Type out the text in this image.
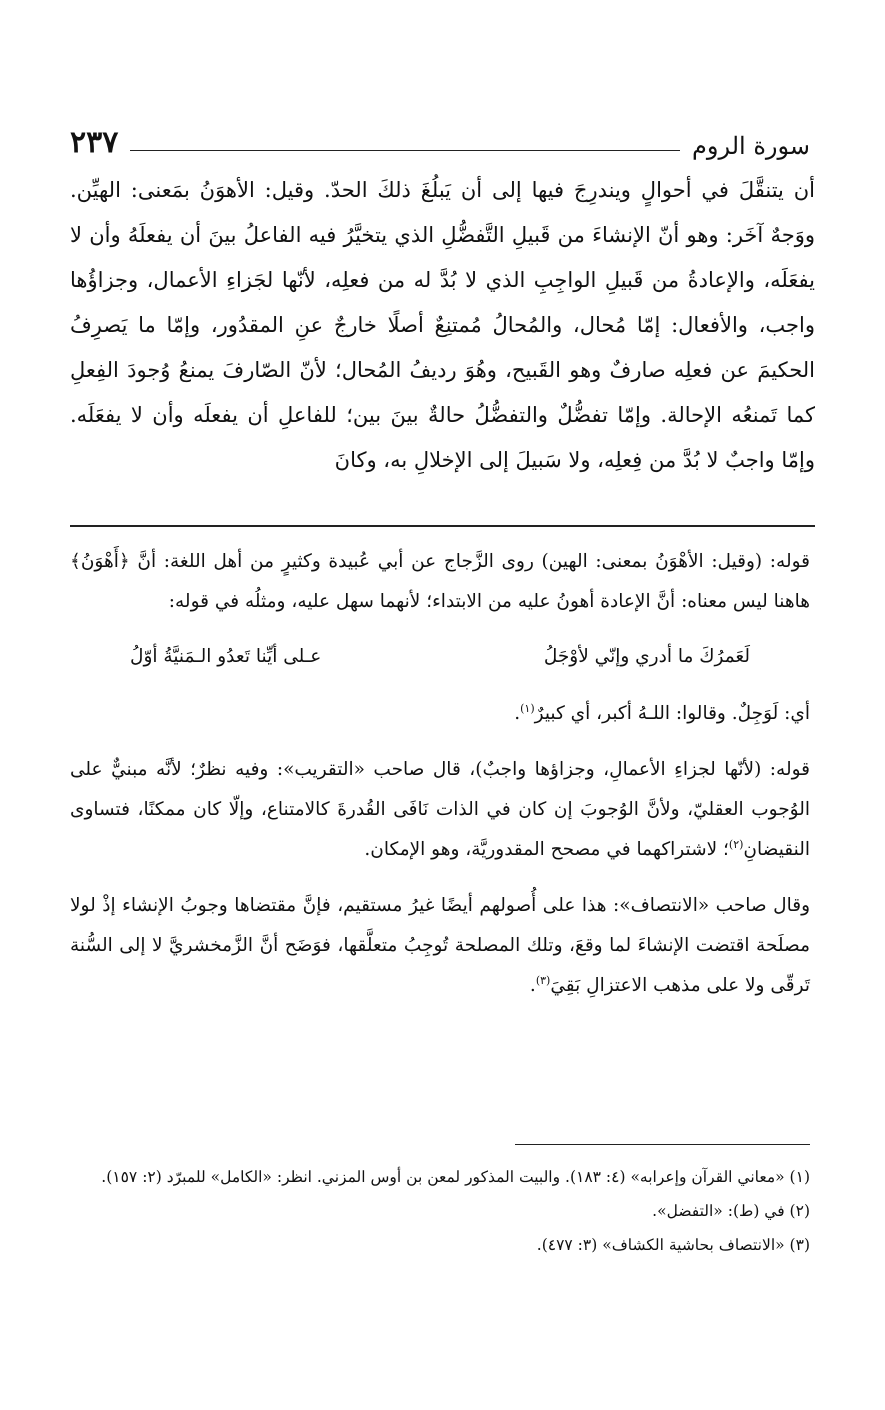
سورة الروم
٢٣٧

أن يتنقَّلَ في أحوالٍ ويندرِجَ فيها إلى أن يَبلُغَ ذلكَ الحدّ. وقيل: الأهوَنُ بمَعنى: الهيِّن. ووَجهٌ آخَر: وهو أنّ الإنشاءَ من قَبيلِ التَّفضُّلِ الذي يتخيَّرُ فيه الفاعلُ بينَ أن يفعلَهُ وأن لا يفعَلَه، والإعادةُ من قَبيلِ الواجِبِ الذي لا بُدَّ له من فعلِه، لأنّها لجَزاءِ الأعمال، وجزاؤُها واجب، والأفعال: إمّا مُحال، والمُحالُ مُمتنِعٌ أصلًا خارجٌ عنِ المقدُور، وإمّا ما يَصرِفُ الحكيمَ عن فعلِه صارفٌ وهو القَبيح، وهُوَ رديفُ المُحال؛ لأنّ الصّارفَ يمنعُ وُجودَ الفِعلِ كما تَمنعُه الإحالة. وإمّا تفضُّلٌ والتفضُّلُ حالةٌ بينَ بين؛ للفاعلِ أن يفعلَه وأن لا يفعَلَه. وإمّا واجبٌ لا بُدَّ من فِعلِه، ولا سَبيلَ إلى الإخلالِ به، وكانَ

قوله: (وقيل: الأهْوَنُ بمعنى: الهين) روى الزَّجاج عن أبي عُبيدة وكثيرٍ من أهل اللغة: أنَّ ﴿أَهْوَنُ﴾ هاهنا ليس معناه: أنَّ الإعادة أهونُ عليه من الابتداء؛ لأنهما سهل عليه، ومثلُه في قوله:

لَعَمرُكَ ما أدري وإنّي لأوْجَلُ
عـلى أيِّنا تَعدُو الـمَنيَّةُ أوّلُ

أي: لَوَجِلٌ. وقالوا: اللـهُ أكبر، أي كبيرٌ$^{(١)}$.

قوله: (لأنّها لجزاءِ الأعمالِ، وجزاؤها واجبٌ)، قال صاحب «التقريب»: وفيه نظرٌ؛ لأنَّه مبنيٌّ على الوُجوب العقليّ، ولأنَّ الوُجوبَ إن كان في الذات نَافَى القُدرةَ كالامتناع، وإلّا كان ممكنًا، فتساوى النقيضانِ$^{(٢)}$؛ لاشتراكهما في مصحح المقدوريَّة، وهو الإمكان.

وقال صاحب «الانتصاف»: هذا على أُصولهم أيضًا غيرُ مستقيم، فإنَّ مقتضاها وجوبُ الإنشاء إذْ لولا مصلَحة اقتضت الإنشاءَ لما وقعَ، وتلك المصلحة تُوجِبُ متعلَّقها، فوَضَح أنَّ الزَّمخشريَّ لا إلى السُّنة تَرقّى ولا على مذهب الاعتزالِ بَقِيَ$^{(٣)}$.

(١) «معاني القرآن وإعرابه» (٤: ١٨٣). والبيت المذكور لمعن بن أوس المزني. انظر: «الكامل» للمبرّد (٢: ١٥٧).
(٢) في (ط): «التفضل».
(٣) «الانتصاف بحاشية الكشاف» (٣: ٤٧٧).
